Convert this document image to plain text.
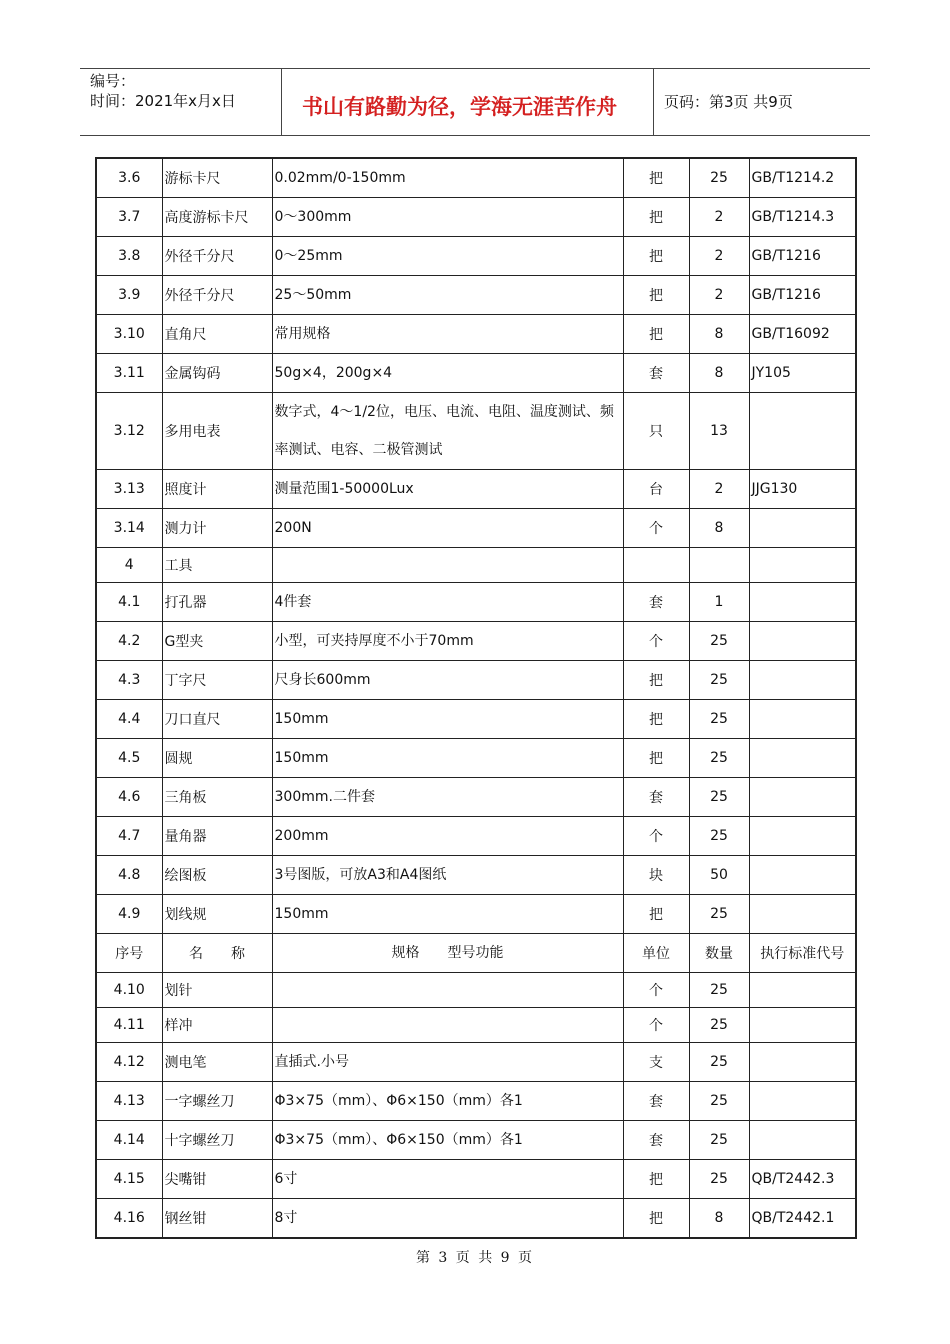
编号：
时间：2021年x月x日	书山有路勤为径，学海无涯苦作舟	页码：第3页 共9页
3.6	游标卡尺	0.02mm/0-150mm	把	25	GB/T1214.2
3.7	高度游标卡尺	0～300mm	把	2	GB/T1214.3
3.8	外径千分尺	0～25mm	把	2	GB/T1216
3.9	外径千分尺	25～50mm	把	2	GB/T1216
3.10	直角尺	常用规格	把	8	GB/T16092
3.11	金属钩码	50g×4，200g×4	套	8	JY105
3.12	多用电表	数字式，4～1/2位，电压、电流、电阻、温度测试、频率测试、电容、二极管测试	只	13	
3.13	照度计	测量范围1-50000Lux	台	2	JJG130
3.14	测力计	200N	个	8	
4	工具				
4.1	打孔器	4件套	套	1	
4.2	G型夹	小型，可夹持厚度不小于70mm	个	25	
4.3	丁字尺	尺身长600mm	把	25	
4.4	刀口直尺	150mm	把	25	
4.5	圆规	150mm	把	25	
4.6	三角板	300mm.二件套	套	25	
4.7	量角器	200mm	个	25	
4.8	绘图板	3号图版，可放A3和A4图纸	块	50	
4.9	划线规	150mm	把	25	
序号	名　　称	规格　　型号功能	单位	数量	执行标准代号
4.10	划针		个	25	
4.11	样冲		个	25	
4.12	测电笔	直插式.小号	支	25	
4.13	一字螺丝刀	Φ3×75（mm）、Φ6×150（mm）各1	套	25	
4.14	十字螺丝刀	Φ3×75（mm）、Φ6×150（mm）各1	套	25	
4.15	尖嘴钳	6寸	把	25	QB/T2442.3
4.16	钢丝钳	8寸	把	8	QB/T2442.1
第 3 页 共 9 页
